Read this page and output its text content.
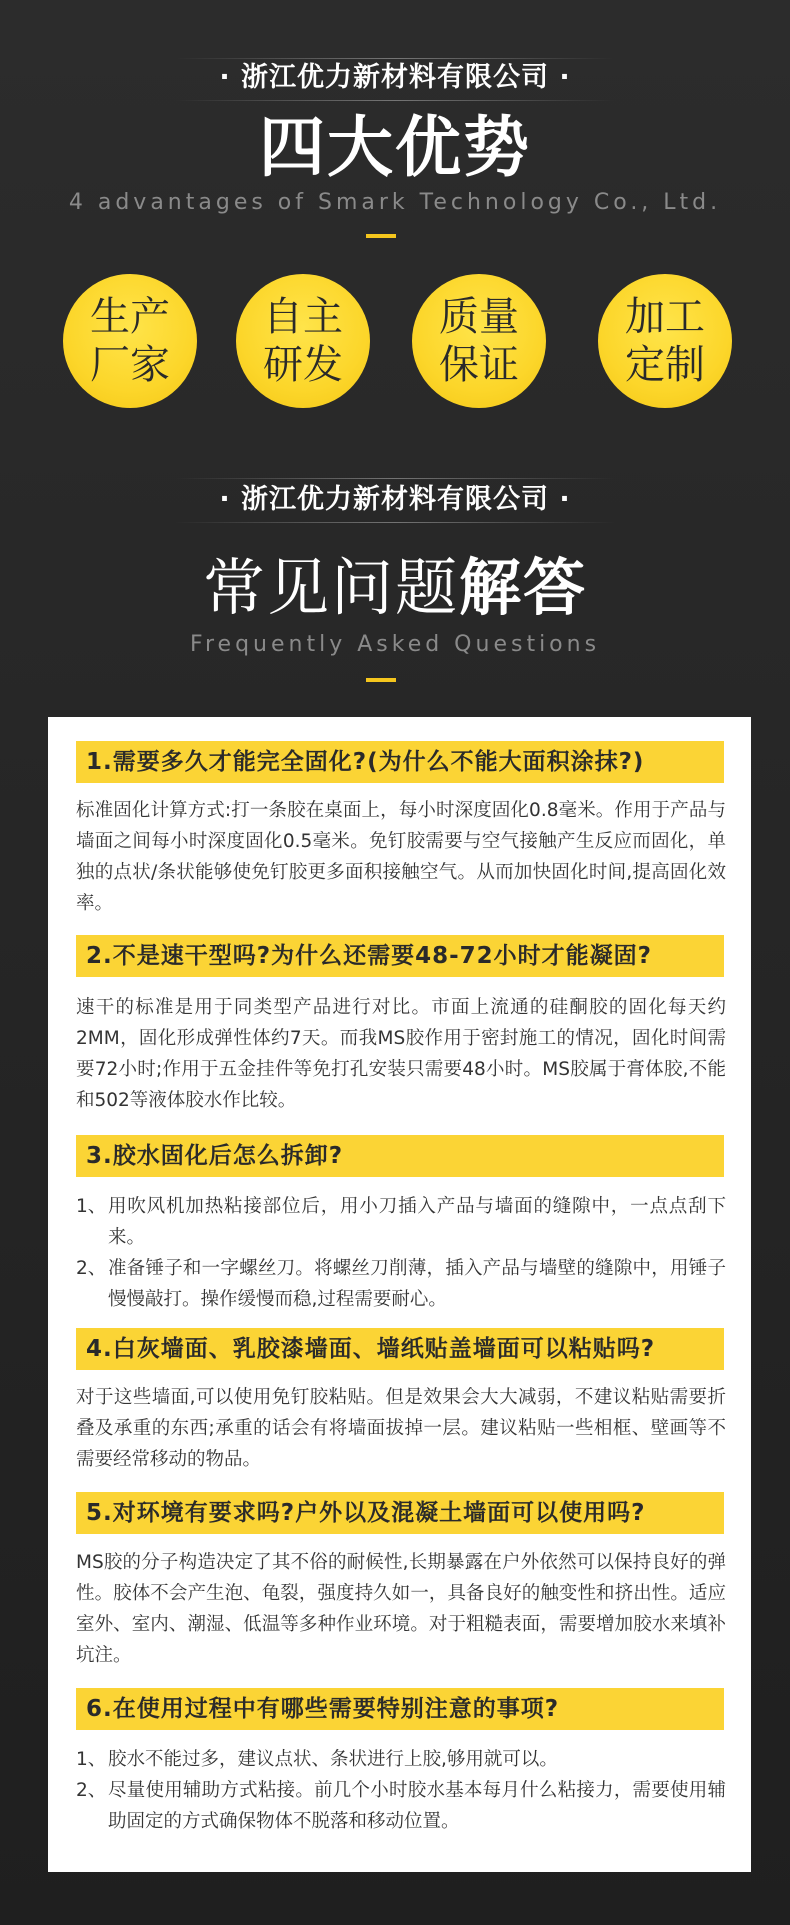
· 浙江优力新材料有限公司 ·
四大优势
4 advantages of Smark Technology Co., Ltd.
生产
厂家
自主
研发
质量
保证
加工
定制
· 浙江优力新材料有限公司 ·
常见问题解答
Frequently Asked Questions
1.需要多久才能完全固化?(为什么不能大面积涂抹?)

标准固化计算方式:打一条胶在桌面上，每小时深度固化0.8毫米。作用于产品与墙面之间每小时深度固化0.5毫米。免钉胶需要与空气接触产生反应而固化，单独的点状/条状能够使免钉胶更多面积接触空气。从而加快固化时间,提高固化效率。

2.不是速干型吗?为什么还需要48-72小时才能凝固?

速干的标准是用于同类型产品进行对比。市面上流通的硅酮胶的固化每天约2MM，固化形成弹性体约7天。而我MS胶作用于密封施工的情况，固化时间需要72小时;作用于五金挂件等免打孔安装只需要48小时。MS胶属于膏体胶,不能和502等液体胶水作比较。

3.胶水固化后怎么拆卸?
1、 用吹风机加热粘接部位后，用小刀插入产品与墙面的缝隙中，一点点刮下来。
2、 准备锤子和一字螺丝刀。将螺丝刀削薄，插入产品与墙壁的缝隙中，用锤子慢慢敲打。操作缓慢而稳,过程需要耐心。
4.白灰墙面、乳胶漆墙面、墙纸贴盖墙面可以粘贴吗?

对于这些墙面,可以使用免钉胶粘贴。但是效果会大大减弱，不建议粘贴需要折叠及承重的东西;承重的话会有将墙面拔掉一层。建议粘贴一些相框、壁画等不需要经常移动的物品。

5.对环境有要求吗?户外以及混凝土墙面可以使用吗?

MS胶的分子构造决定了其不俗的耐候性,长期暴露在户外依然可以保持良好的弹性。胶体不会产生泡、龟裂，强度持久如一，具备良好的触变性和挤出性。适应室外、室内、潮湿、低温等多种作业环境。对于粗糙表面，需要增加胶水来填补坑注。

6.在使用过程中有哪些需要特别注意的事项?
1、 胶水不能过多，建议点状、条状进行上胶,够用就可以。
2、 尽量使用辅助方式粘接。前几个小时胶水基本每月什么粘接力，需要使用辅助固定的方式确保物体不脱落和移动位置。
